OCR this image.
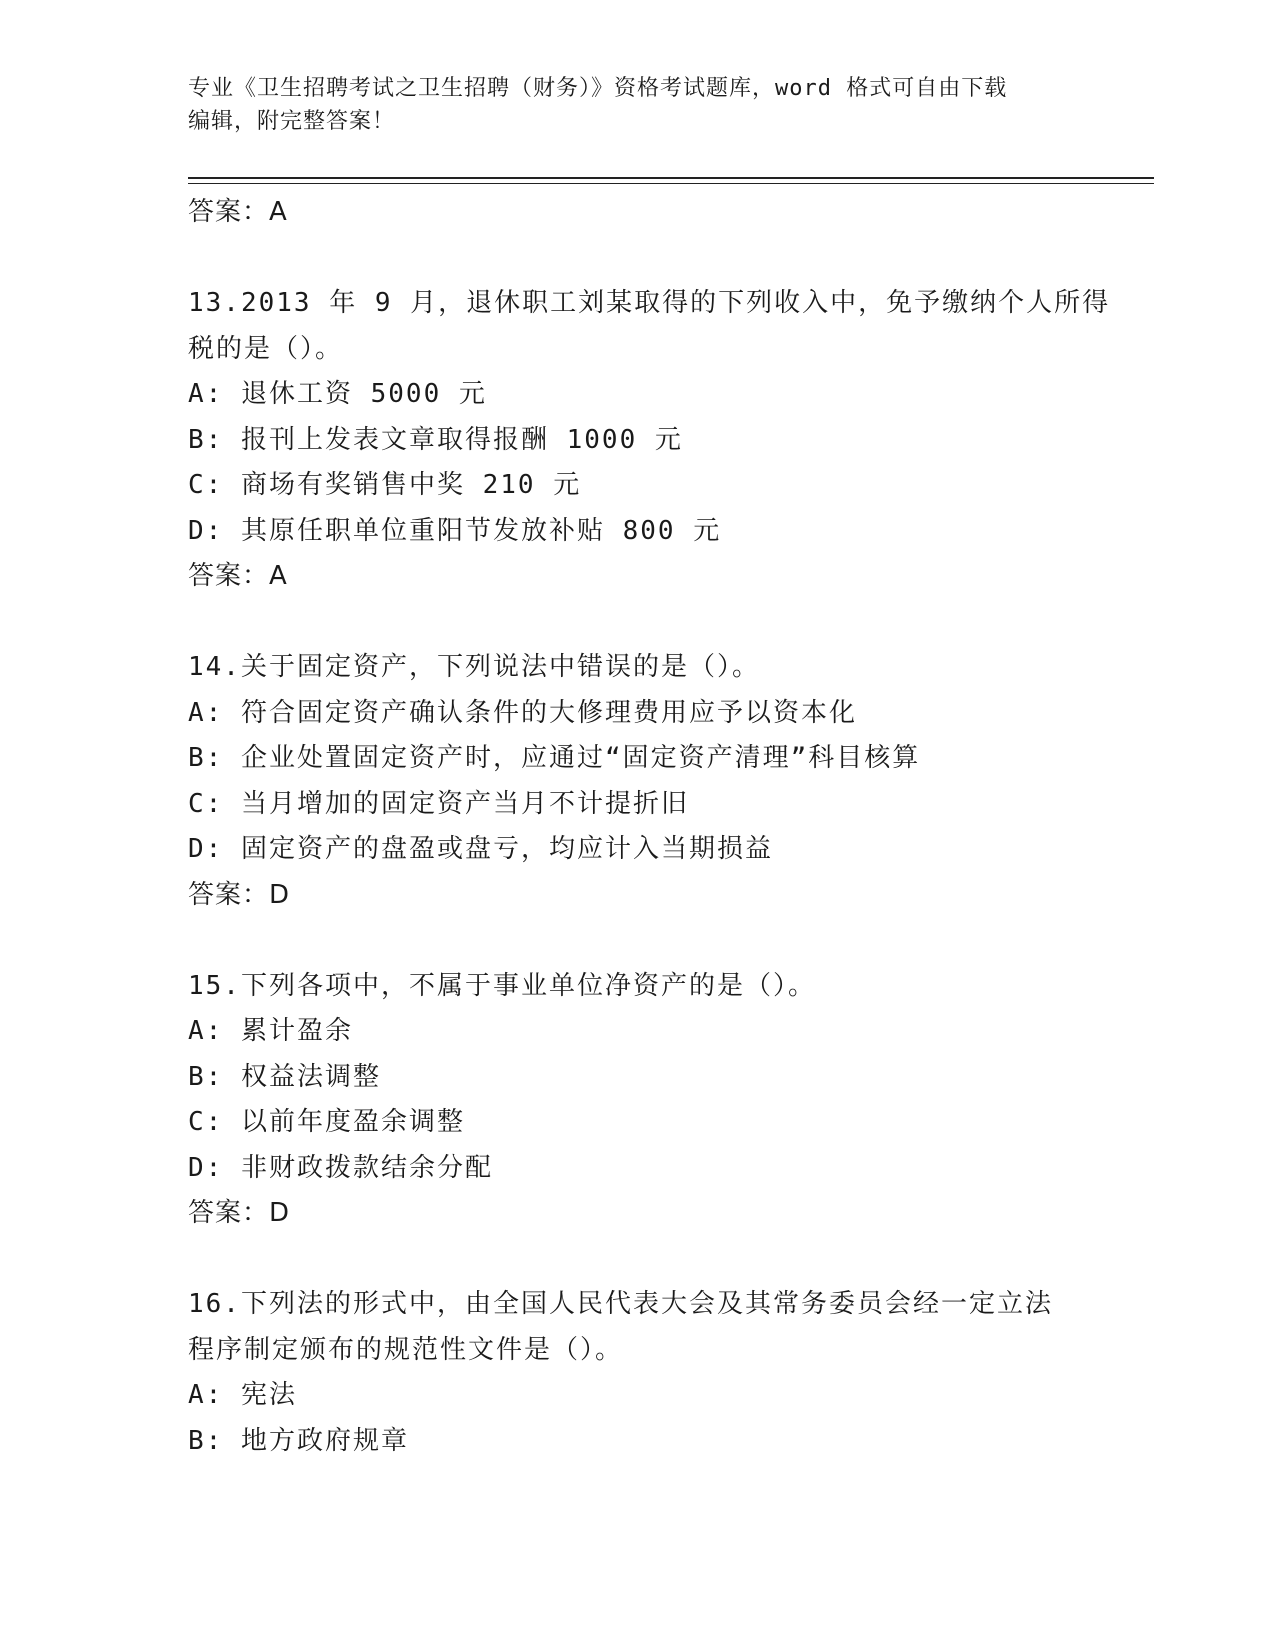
专业《卫生招聘考试之卫生招聘（财务）》资格考试题库，word 格式可自由下载
编辑，附完整答案！
答案：A
13.2013 年 9 月，退休职工刘某取得的下列收入中，免予缴纳个人所得
税的是（）。
A: 退休工资 5000 元
B: 报刊上发表文章取得报酬 1000 元
C: 商场有奖销售中奖 210 元
D: 其原任职单位重阳节发放补贴 800 元
答案：A
14.关于固定资产，下列说法中错误的是（）。
A: 符合固定资产确认条件的大修理费用应予以资本化
B: 企业处置固定资产时，应通过“固定资产清理”科目核算
C: 当月增加的固定资产当月不计提折旧
D: 固定资产的盘盈或盘亏，均应计入当期损益
答案：D
15.下列各项中，不属于事业单位净资产的是（）。
A: 累计盈余
B: 权益法调整
C: 以前年度盈余调整
D: 非财政拨款结余分配
答案：D
16.下列法的形式中，由全国人民代表大会及其常务委员会经一定立法
程序制定颁布的规范性文件是（）。
A: 宪法
B: 地方政府规章
